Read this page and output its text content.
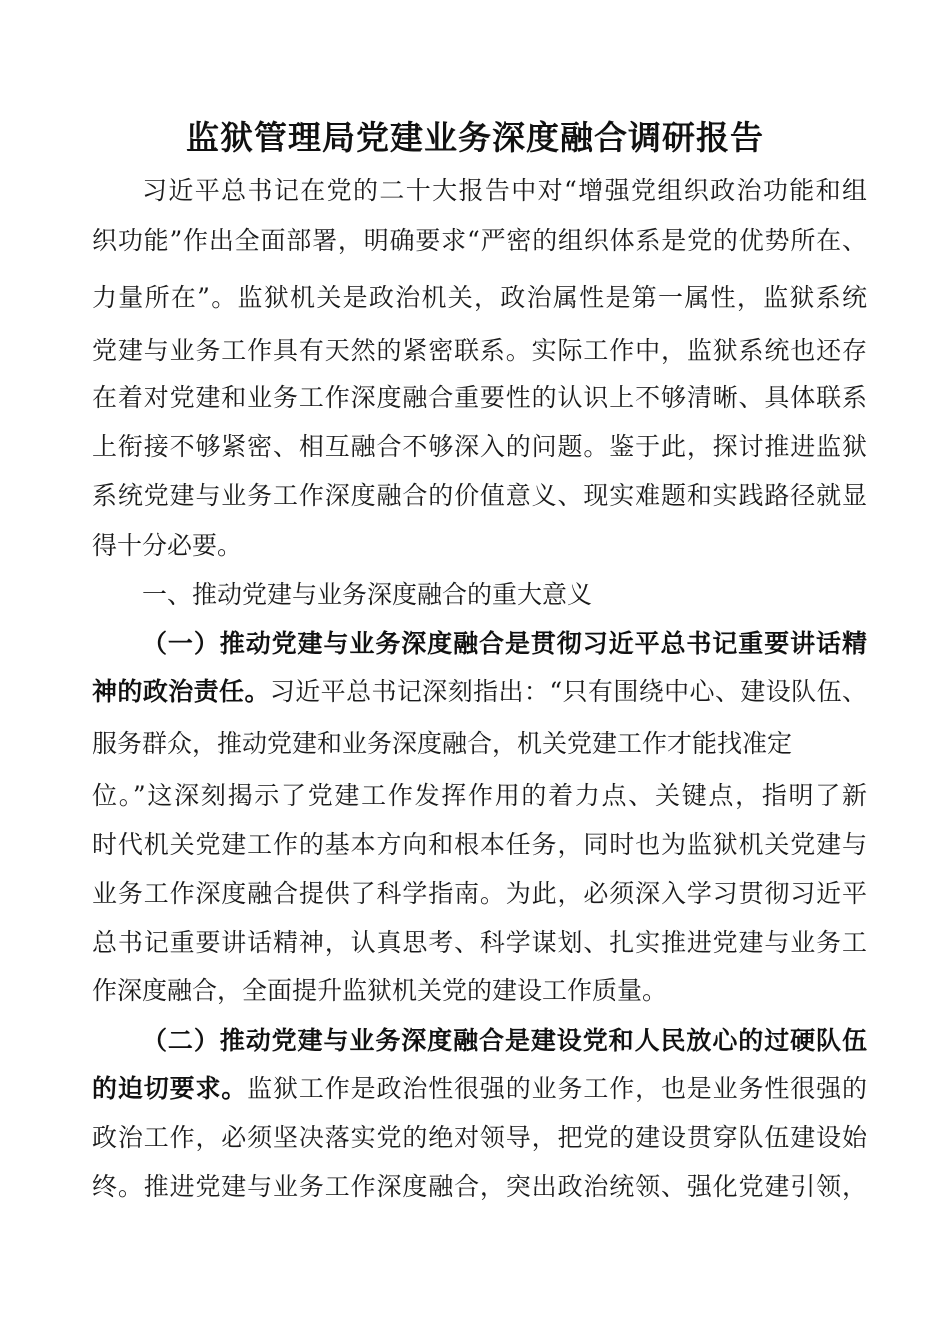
监狱管理局党建业务深度融合调研报告
习近平总书记在党的二十大报告中对“增强党组织政治功能和组
织功能”作出全面部署，明确要求“严密的组织体系是党的优势所在、
力量所在”。监狱机关是政治机关，政治属性是第一属性，监狱系统
党建与业务工作具有天然的紧密联系。实际工作中，监狱系统也还存
在着对党建和业务工作深度融合重要性的认识上不够清晰、具体联系
上衔接不够紧密、相互融合不够深入的问题。鉴于此，探讨推进监狱
系统党建与业务工作深度融合的价值意义、现实难题和实践路径就显
得十分必要。
一、推动党建与业务深度融合的重大意义
（一）推动党建与业务深度融合是贯彻习近平总书记重要讲话精
神的政治责任。习近平总书记深刻指出：“只有围绕中心、建设队伍、
服务群众，推动党建和业务深度融合，机关党建工作才能找准定
位。”这深刻揭示了党建工作发挥作用的着力点、关键点，指明了新
时代机关党建工作的基本方向和根本任务，同时也为监狱机关党建与
业务工作深度融合提供了科学指南。为此，必须深入学习贯彻习近平
总书记重要讲话精神，认真思考、科学谋划、扎实推进党建与业务工
作深度融合，全面提升监狱机关党的建设工作质量。
（二）推动党建与业务深度融合是建设党和人民放心的过硬队伍
的迫切要求。监狱工作是政治性很强的业务工作，也是业务性很强的
政治工作，必须坚决落实党的绝对领导，把党的建设贯穿队伍建设始
终。推进党建与业务工作深度融合，突出政治统领、强化党建引领，
